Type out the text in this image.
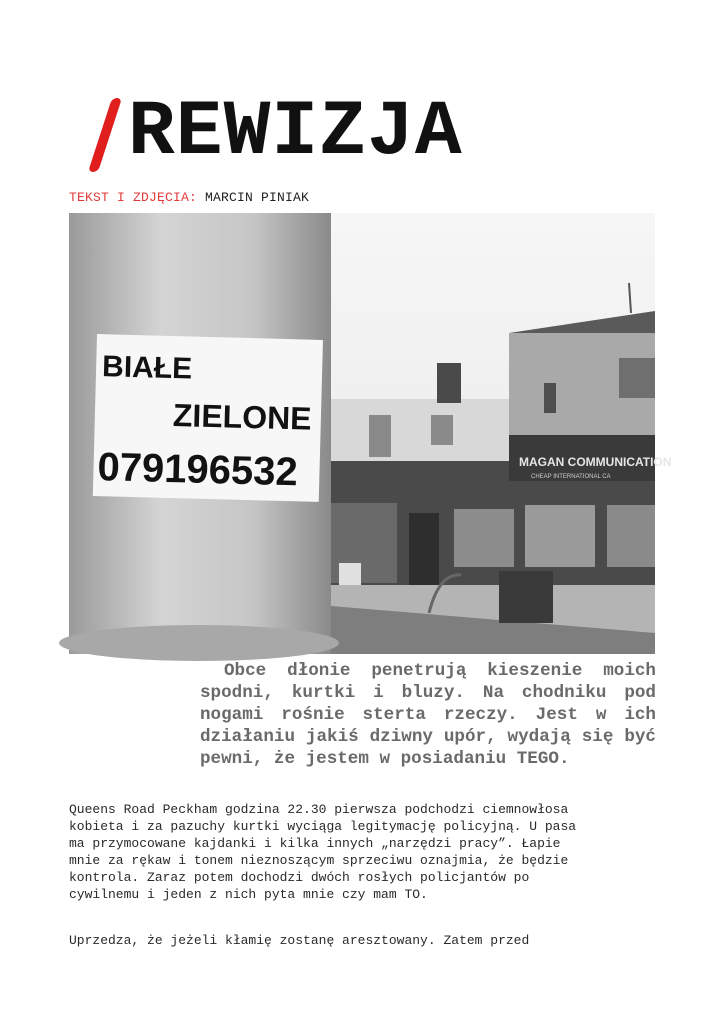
REWIZJA
TEKST I ZDJĘCIA: MARCIN PINIAK
MAGAN COMMUNICATION
CHEAP INTERNATIONAL CA
BIAŁE
ZIELONE
079196532
Obce dłonie penetrują kieszenie moich spodni, kurtki i bluzy. Na chodniku pod nogami rośnie sterta rzeczy. Jest w ich działaniu jakiś dziwny upór, wydają się być pewni, że jestem w posiadaniu TEGO.
Queens Road Peckham godzina 22.30 pierwsza podchodzi ciemnowłosa
kobieta i za pazuchy kurtki wyciąga legitymację policyjną. U pasa
ma przymocowane kajdanki i kilka innych „narzędzi pracy”. Łapie
mnie za rękaw i tonem nieznoszącym sprzeciwu oznajmia, że będzie
kontrola. Zaraz potem dochodzi dwóch rosłych policjantów po
cywilnemu i jeden z nich pyta mnie czy mam TO.
Uprzedza, że jeżeli kłamię zostanę aresztowany. Zatem przed
